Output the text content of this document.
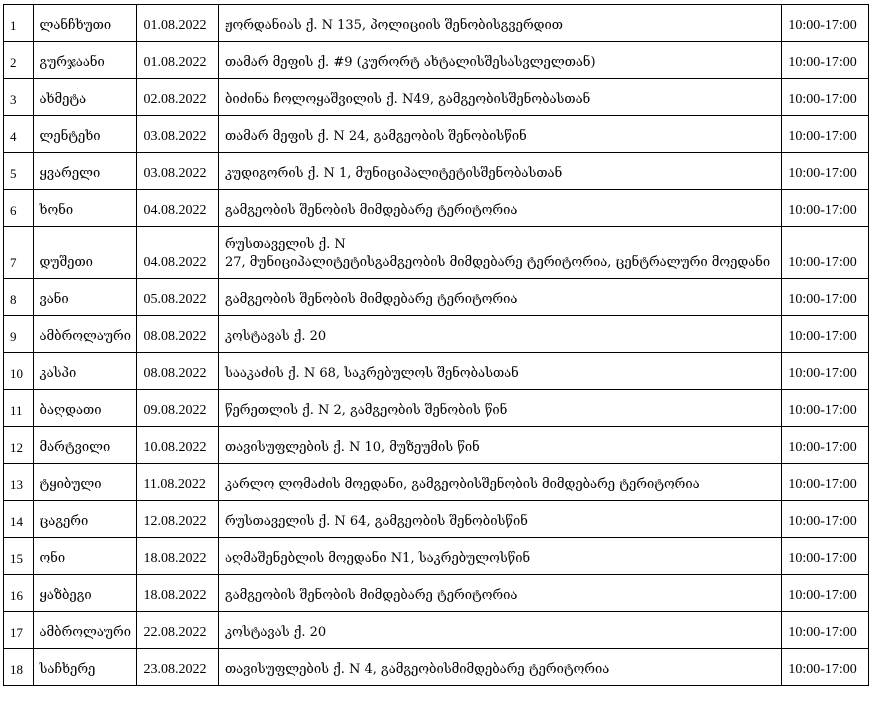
1	ლანჩხუთი	01.08.2022	ჟორდანიას ქ. N 135, პოლიციის შენობისგვერდით	10:00-17:00
2	გურჯაანი	01.08.2022	თამარ მეფის ქ. #9 (კურორტ ახტალისშესასვლელთან)	10:00-17:00
3	ახმეტა	02.08.2022	ბიძინა ჩოლოყაშვილის ქ. N49, გამგეობისშენობასთან	10:00-17:00
4	ლენტეხი	03.08.2022	თამარ მეფის ქ. N 24, გამგეობის შენობისწინ	10:00-17:00
5	ყვარელი	03.08.2022	კუდიგორის ქ. N 1, მუნიციპალიტეტისშენობასთან	10:00-17:00
6	ხონი	04.08.2022	გამგეობის შენობის მიმდებარე ტერიტორია	10:00-17:00
7	დუშეთი	04.08.2022	რუსთაველის ქ. N
27, მუნიციპალიტეტისგამგეობის მიმდებარე ტერიტორია, ცენტრალური მოედანი	10:00-17:00
8	ვანი	05.08.2022	გამგეობის შენობის მიმდებარე ტერიტორია	10:00-17:00
9	ამბროლაური	08.08.2022	კოსტავას ქ. 20	10:00-17:00
10	კასპი	08.08.2022	სააკაძის ქ. N 68, საკრებულოს შენობასთან	10:00-17:00
11	ბაღდათი	09.08.2022	წერეთლის ქ. N 2, გამგეობის შენობის წინ	10:00-17:00
12	მარტვილი	10.08.2022	თავისუფლების ქ. N 10, მუზეუმის წინ	10:00-17:00
13	ტყიბული	11.08.2022	კარლო ლომაძის მოედანი, გამგეობისშენობის მიმდებარე ტერიტორია	10:00-17:00
14	ცაგერი	12.08.2022	რუსთაველის ქ. N 64, გამგეობის შენობისწინ	10:00-17:00
15	ონი	18.08.2022	აღმაშენებლის მოედანი N1, საკრებულოსწინ	10:00-17:00
16	ყაზბეგი	18.08.2022	გამგეობის შენობის მიმდებარე ტერიტორია	10:00-17:00
17	ამბროლაური	22.08.2022	კოსტავას ქ. 20	10:00-17:00
18	საჩხერე	23.08.2022	თავისუფლების ქ. N 4, გამგეობისმიმდებარე ტერიტორია	10:00-17:00
